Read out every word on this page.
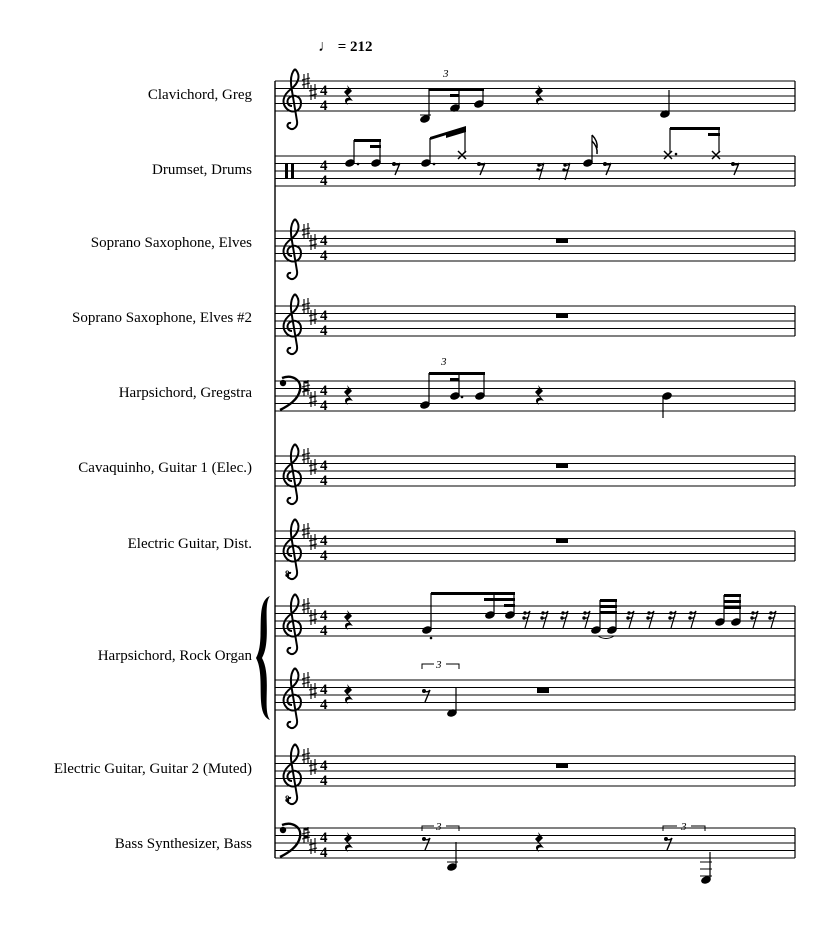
♩ = 212
Clavichord, Greg
Drumset, Drums
Soprano Saxophone, Elves
Soprano Saxophone, Elves #2
Harpsichord, Gregstra
Cavaquinho, Guitar 1 (Elec.)
Electric Guitar, Dist.
Harpsichord, Rock Organ
Electric Guitar, Guitar 2 (Muted)
Bass Synthesizer, Bass
8
8
4
4
4
4
4
4
4
4
4
4
4
4
4
4
4
4
4
4
4
4
4
4
3
3
3
3	3
